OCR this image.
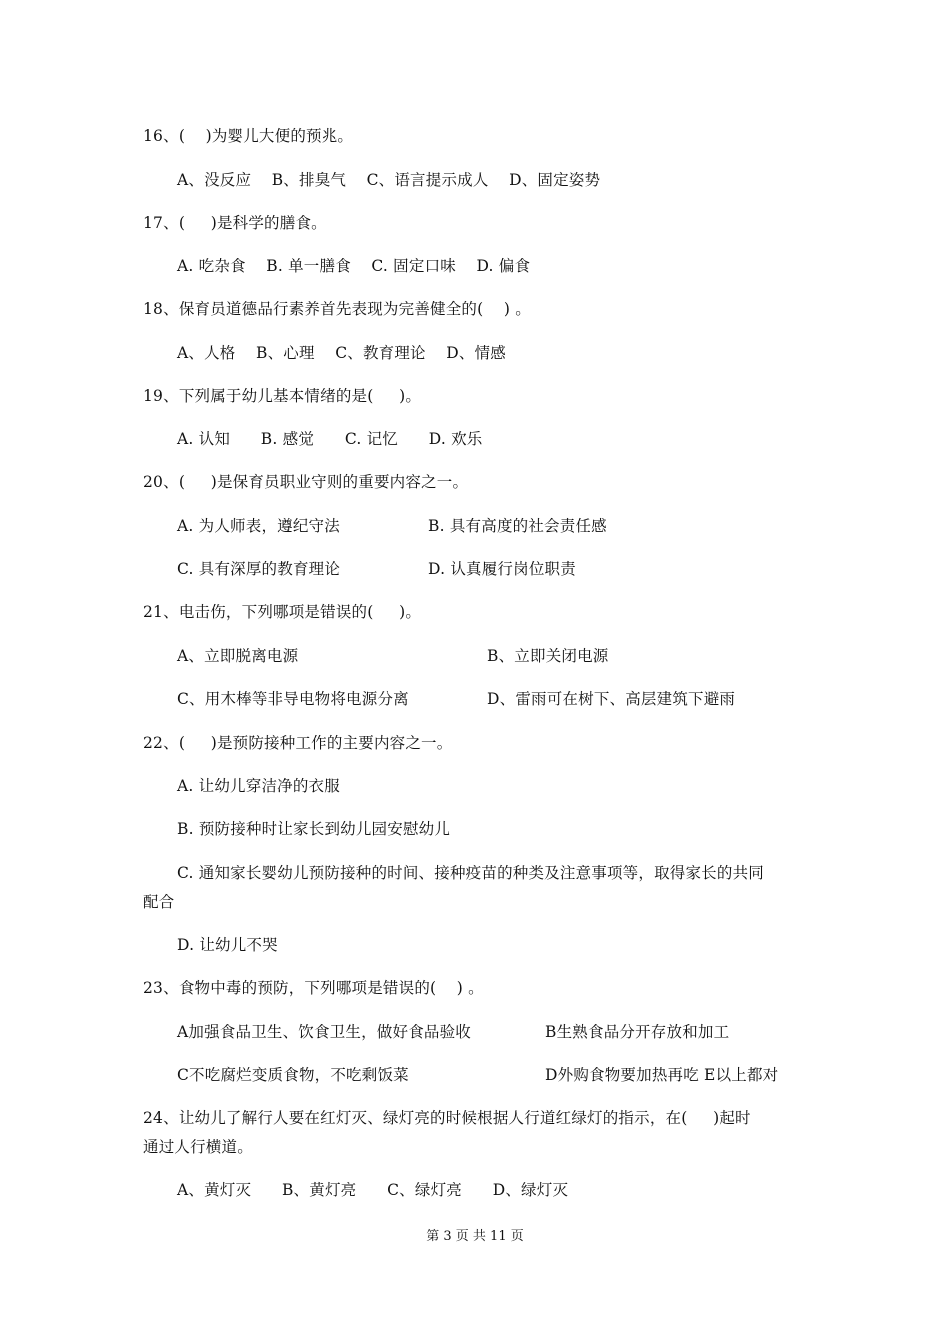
16、(    )为婴儿大便的预兆。
A、没反应    B、排臭气    C、语言提示成人    D、固定姿势
17、(     )是科学的膳食。
A. 吃杂食    B. 单一膳食    C. 固定口味    D. 偏食
18、保育员道德品行素养首先表现为完善健全的(    ) 。
A、人格    B、心理    C、教育理论    D、情感
19、下列属于幼儿基本情绪的是(     )。
A. 认知      B. 感觉      C. 记忆      D. 欢乐
20、(     )是保育员职业守则的重要内容之一。
A. 为人师表，遵纪守法	B. 具有高度的社会责任感
C. 具有深厚的教育理论	D. 认真履行岗位职责
21、电击伤，下列哪项是错误的(     )。
A、立即脱离电源	B、立即关闭电源
C、用木棒等非导电物将电源分离	D、雷雨可在树下、高层建筑下避雨
22、(     )是预防接种工作的主要内容之一。
A. 让幼儿穿洁净的衣服
B. 预防接种时让家长到幼儿园安慰幼儿
C. 通知家长婴幼儿预防接种的时间、接种疫苗的种类及注意事项等，取得家长的共同
配合
D. 让幼儿不哭
23、食物中毒的预防，下列哪项是错误的(    ) 。
A加强食品卫生、饮食卫生，做好食品验收	B生熟食品分开存放和加工
C不吃腐烂变质食物，不吃剩饭菜	D外购食物要加热再吃 E以上都对
24、让幼儿了解行人要在红灯灭、绿灯亮的时候根据人行道红绿灯的指示，在(     )起时
通过人行横道。
A、黄灯灭      B、黄灯亮      C、绿灯亮      D、绿灯灭
第 3 页 共 11 页
